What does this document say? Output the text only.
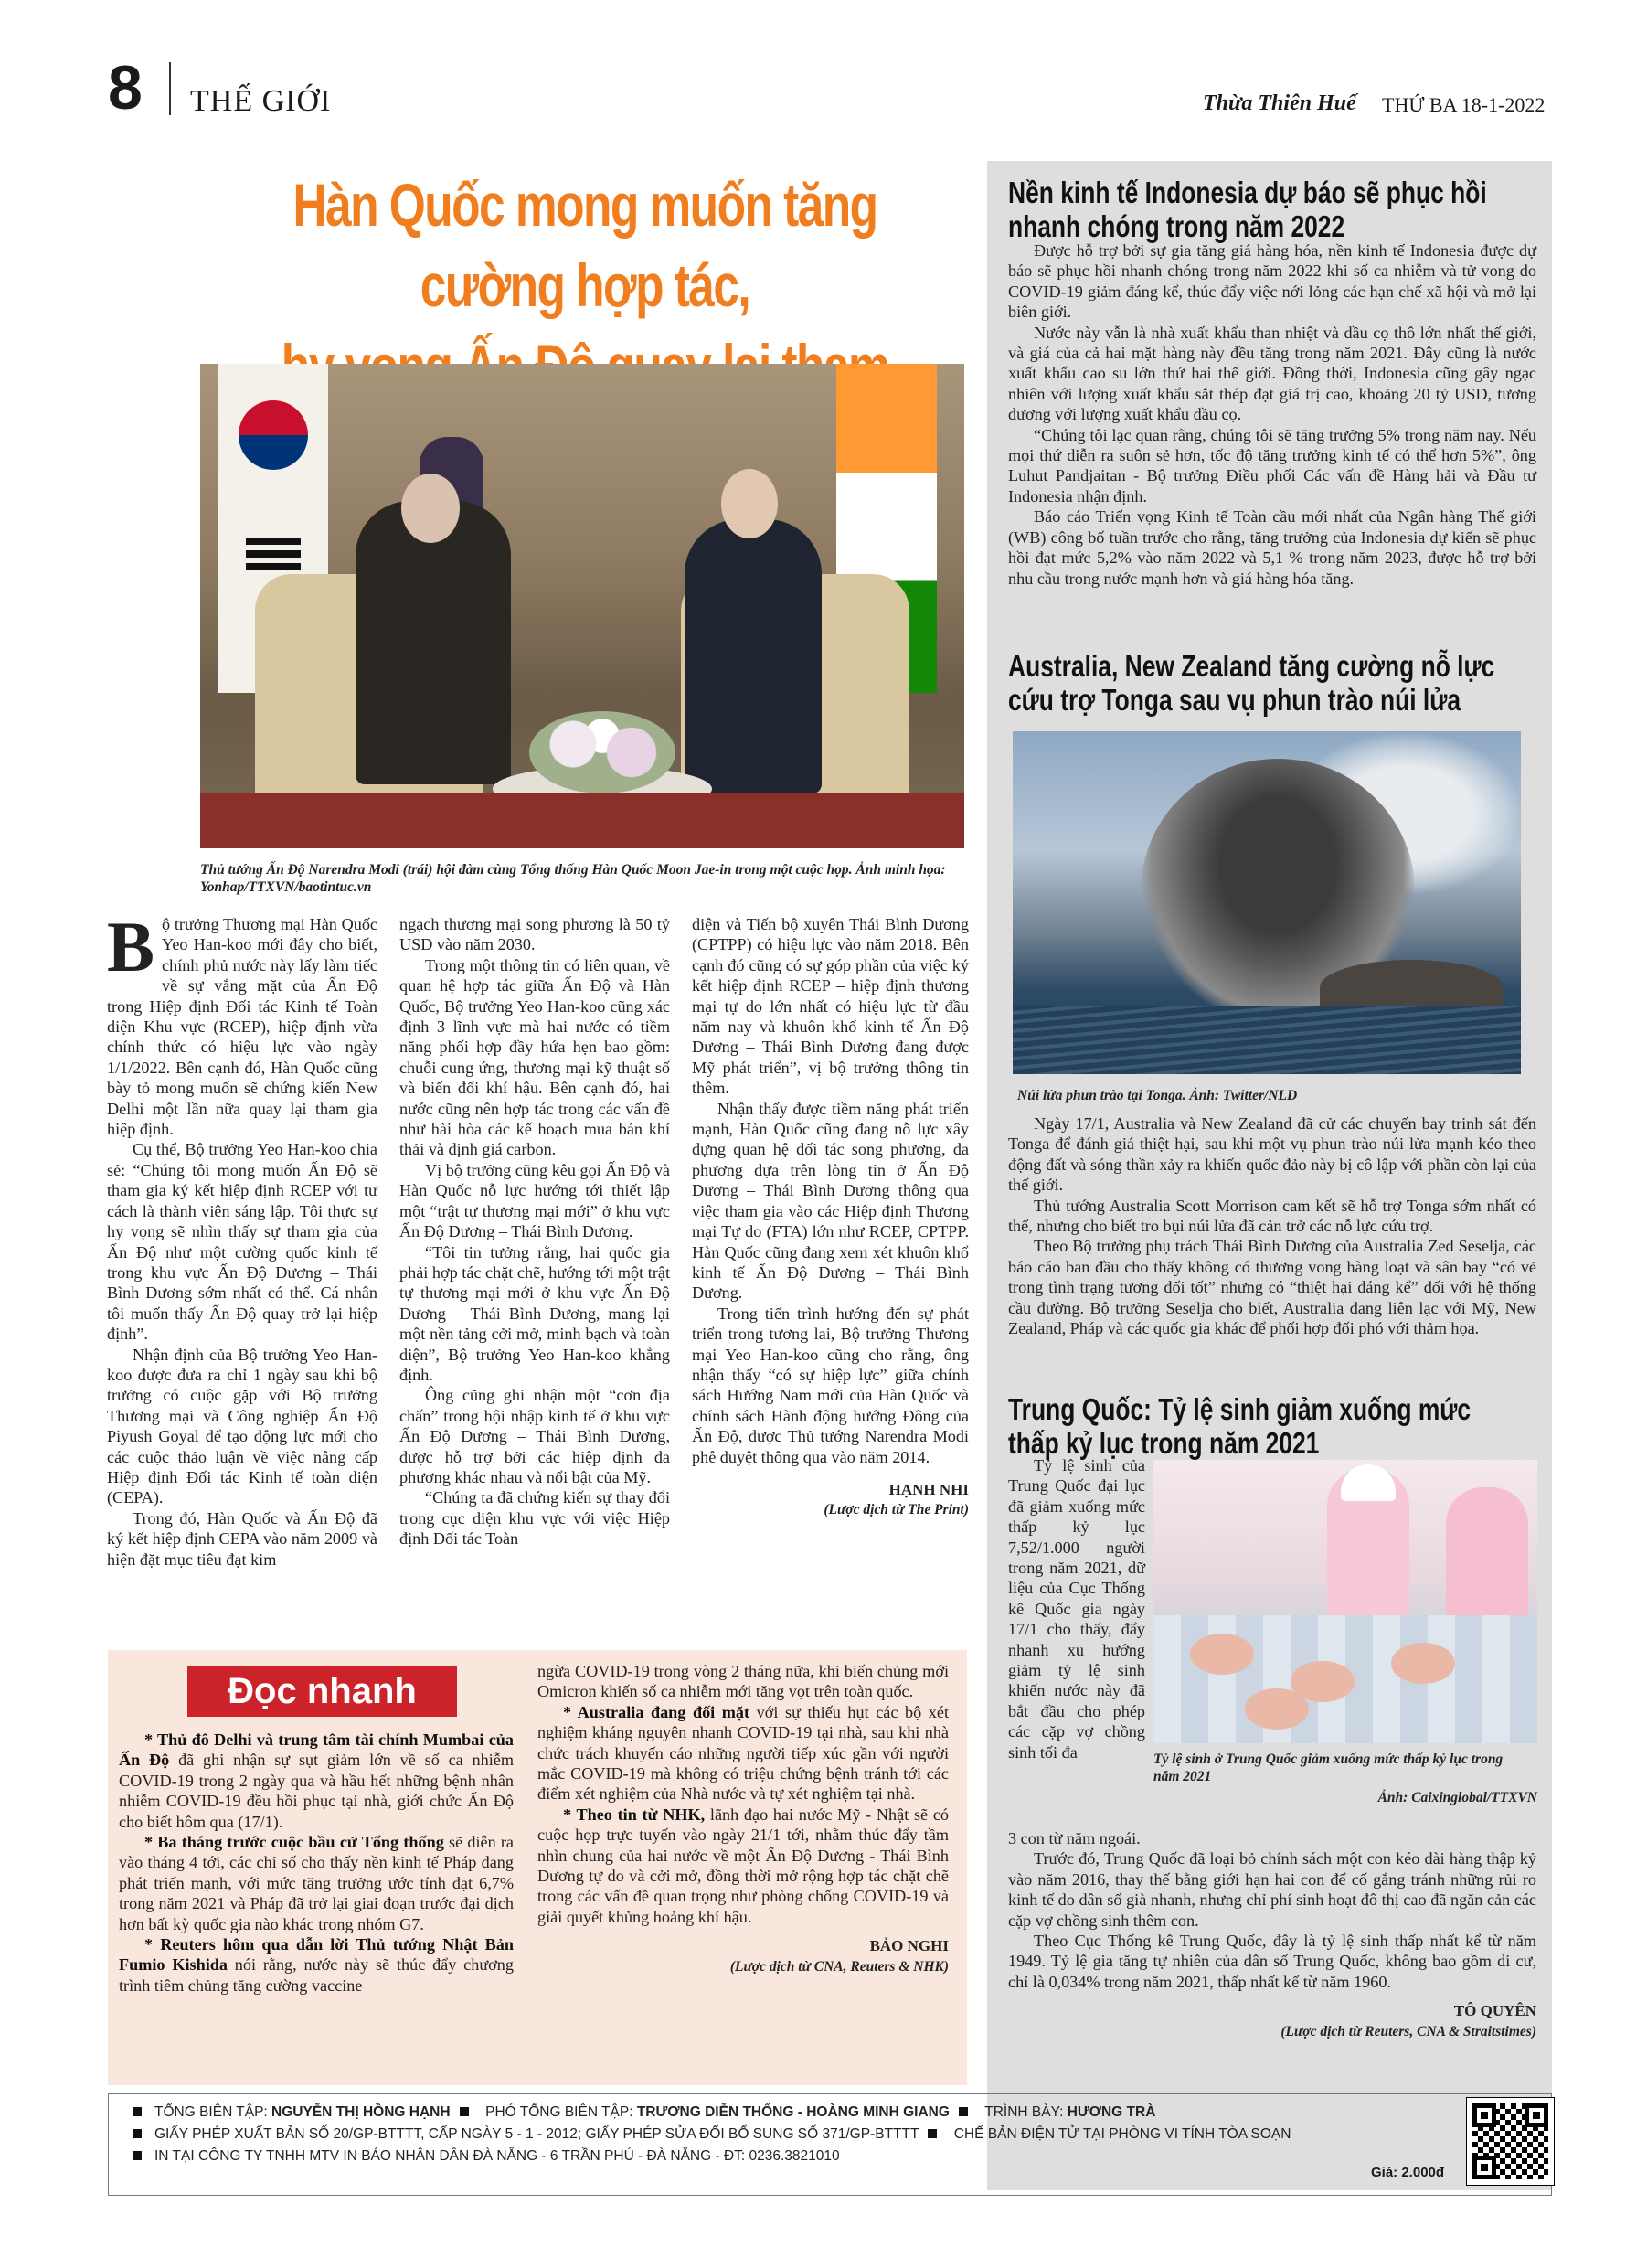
8 THẾ GIỚI	Thừa Thiên Huế THỨ BA 18-1-2022
Hàn Quốc mong muốn tăng cường hợp tác,
Thủ tướng Ấn Độ Narendra Modi (trái) hội đàm cùng Tổng thống Hàn Quốc Moon Jae-in trong một cuộc họp. Ảnh minh họa: Yonhap/TTXVN/baotintuc.vn

Bộ trưởng Thương mại Hàn Quốc Yeo Han-koo mới đây cho biết, chính phủ nước này lấy làm tiếc về sự vắng mặt của Ấn Độ trong Hiệp định Đối tác Kinh tế Toàn diện Khu vực (RCEP), hiệp định vừa chính thức có hiệu lực vào ngày 1/1/2022. Bên cạnh đó, Hàn Quốc cũng bày tỏ mong muốn sẽ chứng kiến New Delhi một lần nữa quay lại tham gia hiệp định.

Cụ thể, Bộ trưởng Yeo Han-koo chia sẻ: “Chúng tôi mong muốn Ấn Độ sẽ tham gia ký kết hiệp định RCEP với tư cách là thành viên sáng lập. Tôi thực sự hy vọng sẽ nhìn thấy sự tham gia của Ấn Độ như một cường quốc kinh tế trong khu vực Ấn Độ Dương – Thái Bình Dương sớm nhất có thể. Cá nhân tôi muốn thấy Ấn Độ quay trở lại hiệp định”.

Nhận định của Bộ trưởng Yeo Han-koo được đưa ra chỉ 1 ngày sau khi bộ trưởng có cuộc gặp với Bộ trưởng Thương mại và Công nghiệp Ấn Độ Piyush Goyal để tạo động lực mới cho các cuộc thảo luận về việc nâng cấp Hiệp định Đối tác Kinh tế toàn diện (CEPA).

Trong đó, Hàn Quốc và Ấn Độ đã ký kết hiệp định CEPA vào năm 2009 và hiện đặt mục tiêu đạt kim

ngạch thương mại song phương là 50 tỷ USD vào năm 2030.

Trong một thông tin có liên quan, về quan hệ hợp tác giữa Ấn Độ và Hàn Quốc, Bộ trưởng Yeo Han-koo cũng xác định 3 lĩnh vực mà hai nước có tiềm năng phối hợp đầy hứa hẹn bao gồm: chuỗi cung ứng, thương mại kỹ thuật số và biến đổi khí hậu. Bên cạnh đó, hai nước cũng nên hợp tác trong các vấn đề như hài hòa các kế hoạch mua bán khí thải và định giá carbon.

Vị bộ trưởng cũng kêu gọi Ấn Độ và Hàn Quốc nỗ lực hướng tới thiết lập một “trật tự thương mại mới” ở khu vực Ấn Độ Dương – Thái Bình Dương.

“Tôi tin tưởng rằng, hai quốc gia phải hợp tác chặt chẽ, hướng tới một trật tự thương mại mới ở khu vực Ấn Độ Dương – Thái Bình Dương, mang lại một nền tảng cởi mở, minh bạch và toàn diện”, Bộ trưởng Yeo Han-koo khẳng định.

Ông cũng ghi nhận một “cơn địa chấn” trong hội nhập kinh tế ở khu vực Ấn Độ Dương – Thái Bình Dương, được hỗ trợ bởi các hiệp định đa phương khác nhau và nổi bật của Mỹ.

“Chúng ta đã chứng kiến sự thay đổi trong cục diện khu vực với việc Hiệp định Đối tác Toàn

diện và Tiến bộ xuyên Thái Bình Dương (CPTPP) có hiệu lực vào năm 2018. Bên cạnh đó cũng có sự góp phần của việc ký kết hiệp định RCEP – hiệp định thương mại tự do lớn nhất có hiệu lực từ đầu năm nay và khuôn khổ kinh tế Ấn Độ Dương – Thái Bình Dương đang được Mỹ phát triển”, vị bộ trưởng thông tin thêm.

Nhận thấy được tiềm năng phát triển mạnh, Hàn Quốc cũng đang nỗ lực xây dựng quan hệ đối tác song phương, đa phương dựa trên lòng tin ở Ấn Độ Dương – Thái Bình Dương thông qua việc tham gia vào các Hiệp định Thương mại Tự do (FTA) lớn như RCEP, CPTPP. Hàn Quốc cũng đang xem xét khuôn khổ kinh tế Ấn Độ Dương – Thái Bình Dương.

Trong tiến trình hướng đến sự phát triển trong tương lai, Bộ trưởng Thương mại Yeo Han-koo cũng cho rằng, ông nhận thấy “có sự hiệp lực” giữa chính sách Hướng Nam mới của Hàn Quốc và chính sách Hành động hướng Đông của Ấn Độ, được Thủ tướng Narendra Modi phê duyệt thông qua vào năm 2014.

HẠNH NHI
(Lược dịch từ The Print)
Nền kinh tế Indonesia dự báo sẽ phục hồi nhanh chóng trong năm 2022

Được hỗ trợ bởi sự gia tăng giá hàng hóa, nền kinh tế Indonesia được dự báo sẽ phục hồi nhanh chóng trong năm 2022 khi số ca nhiễm và tử vong do COVID-19 giảm đáng kể, thúc đẩy việc nới lỏng các hạn chế xã hội và mở lại biên giới.

Nước này vẫn là nhà xuất khẩu than nhiệt và dầu cọ thô lớn nhất thế giới, và giá của cả hai mặt hàng này đều tăng trong năm 2021. Đây cũng là nước xuất khẩu cao su lớn thứ hai thế giới. Đồng thời, Indonesia cũng gây ngạc nhiên với lượng xuất khẩu sắt thép đạt giá trị cao, khoảng 20 tỷ USD, tương đương với lượng xuất khẩu dầu cọ.

“Chúng tôi lạc quan rằng, chúng tôi sẽ tăng trưởng 5% trong năm nay. Nếu mọi thứ diễn ra suôn sẻ hơn, tốc độ tăng trưởng kinh tế có thể hơn 5%”, ông Luhut Pandjaitan - Bộ trưởng Điều phối Các vấn đề Hàng hải và Đầu tư Indonesia nhận định.

Báo cáo Triển vọng Kinh tế Toàn cầu mới nhất của Ngân hàng Thế giới (WB) công bố tuần trước cho rằng, tăng trưởng của Indonesia dự kiến sẽ phục hồi đạt mức 5,2% vào năm 2022 và 5,1 % trong năm 2023, được hỗ trợ bởi nhu cầu trong nước mạnh hơn và giá hàng hóa tăng.

Australia, New Zealand tăng cường nỗ lực cứu trợ Tonga sau vụ phun trào núi lửa
Núi lửa phun trào tại Tonga. Ảnh: Twitter/NLD

Ngày 17/1, Australia và New Zealand đã cử các chuyến bay trinh sát đến Tonga để đánh giá thiệt hại, sau khi một vụ phun trào núi lửa mạnh kéo theo động đất và sóng thần xảy ra khiến quốc đảo này bị cô lập với phần còn lại của thế giới.

Thủ tướng Australia Scott Morrison cam kết sẽ hỗ trợ Tonga sớm nhất có thể, nhưng cho biết tro bụi núi lửa đã cản trở các nỗ lực cứu trợ.

Theo Bộ trưởng phụ trách Thái Bình Dương của Australia Zed Seselja, các báo cáo ban đầu cho thấy không có thương vong hàng loạt và sân bay “có vẻ trong tình trạng tương đối tốt” nhưng có “thiệt hại đáng kể” đối với hệ thống cầu đường. Bộ trưởng Seselja cho biết, Australia đang liên lạc với Mỹ, New Zealand, Pháp và các quốc gia khác để phối hợp đối phó với thảm họa.

Trung Quốc: Tỷ lệ sinh giảm xuống mức thấp kỷ lục trong năm 2021

Tỷ lệ sinh của Trung Quốc đại lục đã giảm xuống mức thấp kỷ lục 7,52/1.000 người trong năm 2021, dữ liệu của Cục Thống kê Quốc gia ngày 17/1 cho thấy, đẩy nhanh xu hướng giảm tỷ lệ sinh khiến nước này đã bắt đầu cho phép các cặp vợ chồng sinh tối đa	Tỷ lệ sinh ở Trung Quốc giảm xuống mức thấp kỷ lục trong năm 2021
Ảnh: Caixinglobal/TTXVN

3 con từ năm ngoái.

Trước đó, Trung Quốc đã loại bỏ chính sách một con kéo dài hàng thập kỷ vào năm 2016, thay thế bằng giới hạn hai con để cố gắng tránh những rủi ro kinh tế do dân số già nhanh, nhưng chỉ phí sinh hoạt đô thị cao đã ngăn cản các cặp vợ chồng sinh thêm con.

Theo Cục Thống kê Trung Quốc, đây là tỷ lệ sinh thấp nhất kể từ năm 1949. Tỷ lệ gia tăng tự nhiên của dân số Trung Quốc, không bao gồm di cư, chỉ là 0,034% trong năm 2021, thấp nhất kể từ năm 1960.

TÔ QUYÊN
(Lược dịch từ Reuters, CNA & Straitstimes)
Đọc nhanh

* Thủ đô Delhi và trung tâm tài chính Mumbai của Ấn Độ đã ghi nhận sự sụt giảm lớn về số ca nhiễm COVID-19 trong 2 ngày qua và hầu hết những bệnh nhân nhiễm COVID-19 đều hồi phục tại nhà, giới chức Ấn Độ cho biết hôm qua (17/1).

* Ba tháng trước cuộc bầu cử Tổng thống sẽ diễn ra vào tháng 4 tới, các chỉ số cho thấy nền kinh tế Pháp đang phát triển mạnh, với mức tăng trưởng ước tính đạt 6,7% trong năm 2021 và Pháp đã trở lại giai đoạn trước đại dịch hơn bất kỳ quốc gia nào khác trong nhóm G7.

* Reuters hôm qua dẫn lời Thủ tướng Nhật Bản Fumio Kishida nói rằng, nước này sẽ thúc đẩy chương trình tiêm chủng tăng cường vaccine

ngừa COVID-19 trong vòng 2 tháng nữa, khi biến chủng mới Omicron khiến số ca nhiễm mới tăng vọt trên toàn quốc.

* Australia đang đối mặt với sự thiếu hụt các bộ xét nghiệm kháng nguyên nhanh COVID-19 tại nhà, sau khi nhà chức trách khuyến cáo những người tiếp xúc gần với người mắc COVID-19 mà không có triệu chứng bệnh tránh tới các điểm xét nghiệm của Nhà nước và tự xét nghiệm tại nhà.

* Theo tin từ NHK, lãnh đạo hai nước Mỹ - Nhật sẽ có cuộc họp trực tuyến vào ngày 21/1 tới, nhằm thúc đẩy tầm nhìn chung của hai nước về một Ấn Độ Dương - Thái Bình Dương tự do và cởi mở, đồng thời mở rộng hợp tác chặt chẽ trong các vấn đề quan trọng như phòng chống COVID-19 và giải quyết khủng hoảng khí hậu.

BẢO NGHI
(Lược dịch từ CNA, Reuters & NHK)
TỔNG BIÊN TẬP: NGUYỄN THỊ HỒNG HẠNH  PHÓ TỔNG BIÊN TẬP: TRƯƠNG DIỄN THỐNG - HOÀNG MINH GIANG  TRÌNH BÀY: HƯƠNG TRÀ
GIẤY PHÉP XUẤT BẢN SỐ 20/GP-BTTTT, CẤP NGÀY 5 - 1 - 2012; GIẤY PHÉP SỬA ĐỔI BỔ SUNG SỐ 371/GP-BTTTT  CHẾ BẢN ĐIỆN TỬ TẠI PHÒNG VI TÍNH TÒA SOẠN
IN TẠI CÔNG TY TNHH MTV IN BÁO NHÂN DÂN ĐÀ NẴNG - 6 TRẦN PHÚ - ĐÀ NẴNG - ĐT: 0236.3821010
Giá: 2.000đ
